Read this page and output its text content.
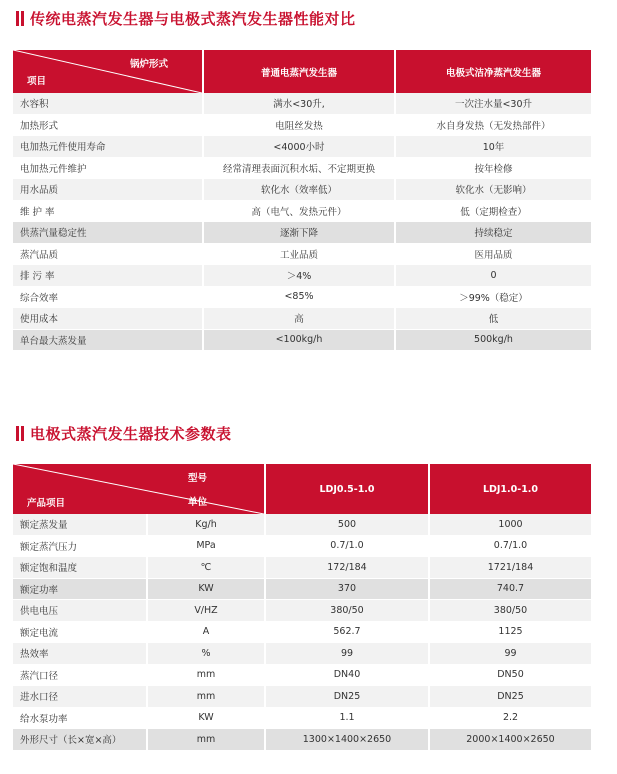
传统电蒸汽发生器与电极式蒸汽发生器性能对比
锅炉形式
项目	普通电蒸汽发生器	电极式洁净蒸汽发生器
水容积	满水<30升,	一次注水量<30升
加热形式	电阻丝发热	水自身发热（无发热部件）
电加热元件使用寿命	<4000小时	10年
电加热元件维护	经常清理表面沉积水垢、不定期更换	按年检修
用水品质	软化水（效率低）	软化水（无影响）
维 护 率	高（电气、发热元件）	低（定期检查）
供蒸汽量稳定性	逐渐下降	持续稳定
蒸汽品质	工业品质	医用品质
排 污 率	＞4%	0
综合效率	<85%	＞99%（稳定）
使用成本	高	低
单台最大蒸发量	<100kg/h	500kg/h
电极式蒸汽发生器技术参数表
型号
单位
产品项目		LDJ0.5-1.0	LDJ1.0-1.0
额定蒸发量	Kg/h	500	1000
额定蒸汽压力	MPa	0.7/1.0	0.7/1.0
额定饱和温度	℃	172/184	1721/184
额定功率	KW	370	740.7
供电电压	V/HZ	380/50	380/50
额定电流	A	562.7	1125
热效率	%	99	99
蒸汽口径	mm	DN40	DN50
进水口径	mm	DN25	DN25
给水泵功率	KW	1.1	2.2
外形尺寸（长×宽×高）	mm	1300×1400×2650	2000×1400×2650
